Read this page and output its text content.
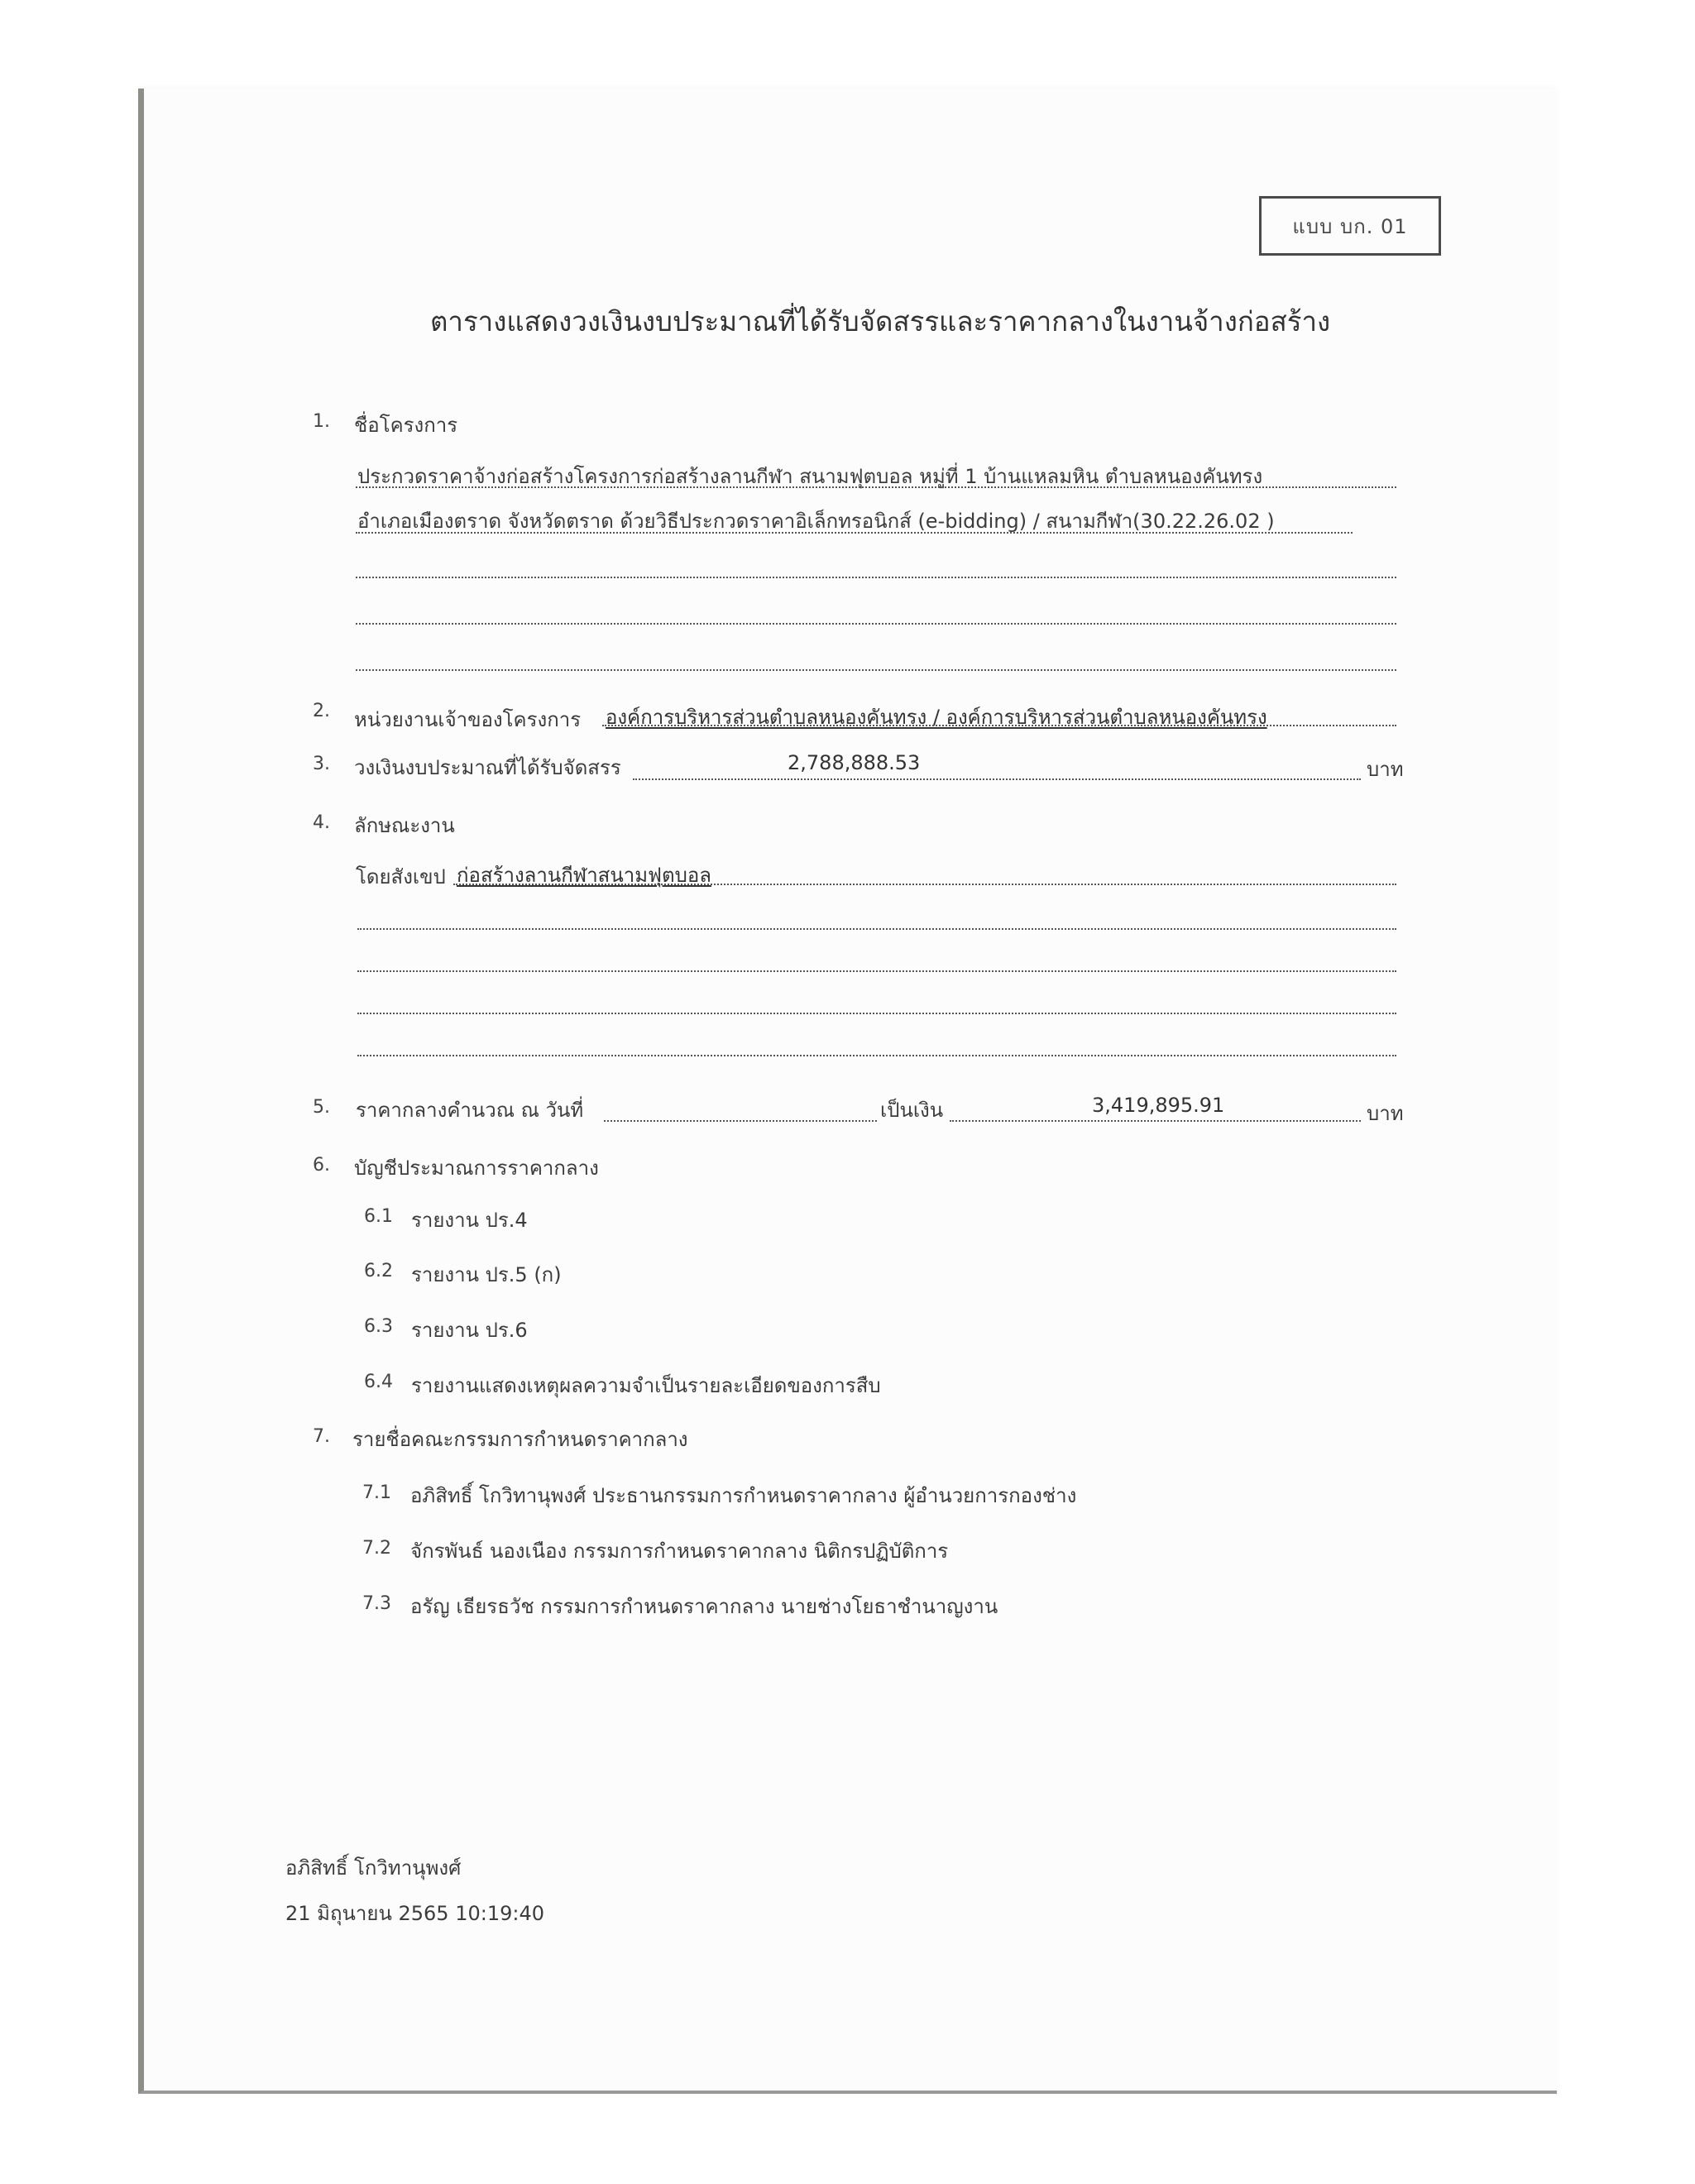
แบบ บก. 01
ตารางแสดงวงเงินงบประมาณที่ได้รับจัดสรรและราคากลางในงานจ้างก่อสร้าง
1. ชื่อโครงการ
ประกวดราคาจ้างก่อสร้างโครงการก่อสร้างลานกีฬา สนามฟุตบอล หมู่ที่ 1 บ้านแหลมหิน ตำบลหนองคันทรง
อำเภอเมืองตราด จังหวัดตราด ด้วยวิธีประกวดราคาอิเล็กทรอนิกส์ (e-bidding) / สนามกีฬา(30.22.26.02 )
2. หน่วยงานเจ้าของโครงการ องค์การบริหารส่วนตำบลหนองคันทรง / องค์การบริหารส่วนตำบลหนองคันทรง
3. วงเงินงบประมาณที่ได้รับจัดสรร	2,788,888.53	บาท
4. ลักษณะงาน
โดยสังเขป ก่อสร้างลานกีฬาสนามฟุตบอล
5. ราคากลางคำนวณ ณ วันที่	เป็นเงิน	3,419,895.91	บาท
6. บัญชีประมาณการราคากลาง
6.1 รายงาน ปร.4
6.2 รายงาน ปร.5 (ก)
6.3 รายงาน ปร.6
6.4 รายงานแสดงเหตุผลความจำเป็นรายละเอียดของการสืบ
7. รายชื่อคณะกรรมการกำหนดราคากลาง
7.1 อภิสิทธิ์ โกวิทานุพงศ์ ประธานกรรมการกำหนดราคากลาง ผู้อำนวยการกองช่าง
7.2 จักรพันธ์ นองเนือง กรรมการกำหนดราคากลาง นิติกรปฏิบัติการ
7.3 อรัญ เธียรธวัช กรรมการกำหนดราคากลาง นายช่างโยธาชำนาญงาน
อภิสิทธิ์ โกวิทานุพงศ์
21 มิถุนายน 2565 10:19:40
